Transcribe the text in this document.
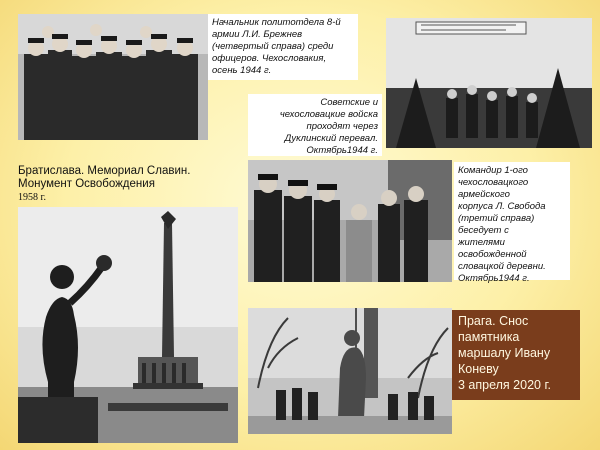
Начальник политотдела 8-й
армии Л.И. Брежнев
(четвертый справа) среди
офицеров. Чехословакия,
осень 1944 г.
Советские и
чехословацкие войска
проходят через
Дуклинский перевал.
Октябрь1944 г.
Братислава. Мемориал Славин.
Монумент Освобождения
1958 г.
Командир 1-ого
чехословацкого
армейского
корпуса Л. Свобода
(третий справа)
беседует с
жителями
освобожденной
словацкой деревни.
Октябрь1944 г.
Прага. Снос
памятника
маршалу Ивану
Коневу
3 апреля 2020 г.
